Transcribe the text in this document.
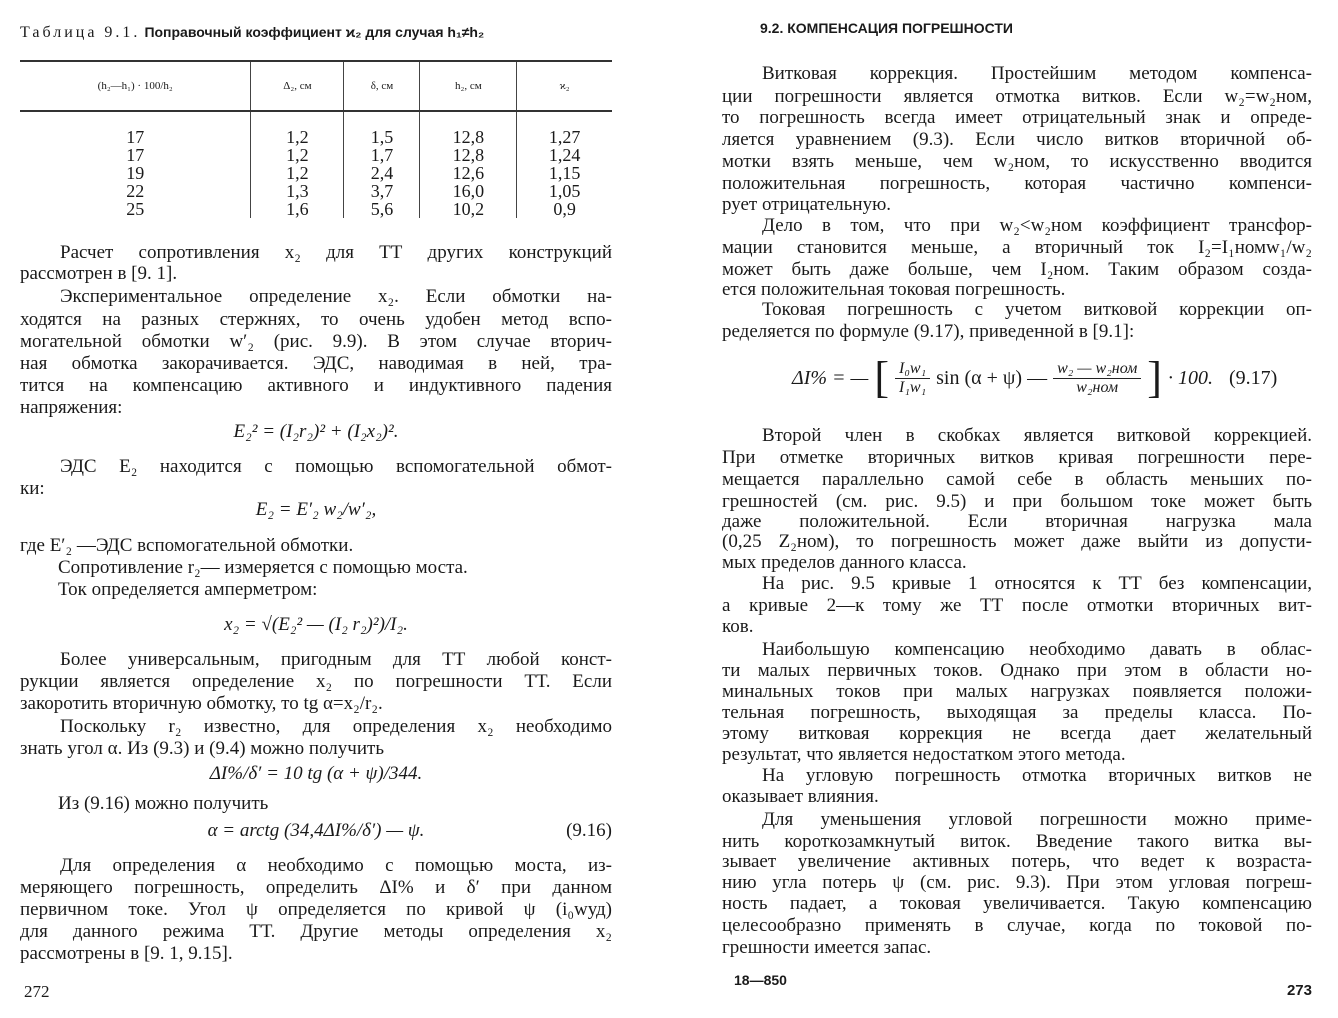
Таблица 9.1. Поправочный коэффициент ϰ₂ для случая h₁≠h₂
(h₂—h₁) · 100/h₂	Δ₂, см	δ, см	h₂, см	ϰ₂
17	1,2	1,5	12,8	1,27
17	1,2	1,7	12,8	1,24
19	1,2	2,4	12,6	1,15
22	1,3	3,7	16,0	1,05
25	1,6	5,6	10,2	0,9
Расчет сопротивления x₂ для ТТ других конструкций
рассмотрен в [9. 1].
Экспериментальное определение x₂. Если обмотки на-
ходятся на разных стержнях, то очень удобен метод вспо-
могательной обмотки w′₂ (рис. 9.9). В этом случае вторич-
ная обмотка закорачивается. ЭДС, наводимая в ней, тра-
тится на компенсацию активного и индуктивного падения
напряжения:
E₂² = (I₂r₂)² + (I₂x₂)².
ЭДС E₂ находится с помощью вспомогательной обмот-
ки:
E₂ = E′₂ w₂/w′₂,
где E′₂ —ЭДС вспомогательной обмотки.
Сопротивление r₂— измеряется с помощью моста.
Ток определяется амперметром:
x₂ = √(E₂² — (I₂ r₂)²)/I₂.
Более универсальным, пригодным для ТТ любой конст-
рукции является определение x₂ по погрешности ТТ. Если
закоротить вторичную обмотку, то tg α=x₂/r₂.
Поскольку r₂ известно, для определения x₂ необходимо
знать угол α. Из (9.3) и (9.4) можно получить
ΔI%/δ′ = 10 tg (α + ψ)/344.
Из (9.16) можно получить
α = arctg (34,4ΔI%/δ′) — ψ.
Для определения α необходимо с помощью моста, из-
меряющего погрешность, определить ΔI% и δ′ при данном
первичном токе. Угол ψ определяется по кривой ψ (i₀wуд)
для данного режима ТТ. Другие методы определения x₂
рассмотрены в [9. 1, 9.15].
(9.16)
272
9.2. КОМПЕНСАЦИЯ ПОГРЕШНОСТИ
Витковая коррекция. Простейшим методом компенса-
ции погрешности является отмотка витков. Если w₂=w₂ном,
то погрешность всегда имеет отрицательный знак и опреде-
ляется уравнением (9.3). Если число витков вторичной об-
мотки взять меньше, чем w₂ном, то искусственно вводится
положительная погрешность, которая частично компенси-
рует отрицательную.
Дело в том, что при w₂<w₂ном коэффициент трансфор-
мации становится меньше, а вторичный ток I₂=I₁номw₁/w₂
может быть даже больше, чем I₂ном. Таким образом созда-
ется положительная токовая погрешность.
Токовая погрешность с учетом витковой коррекции оп-
ределяется по формуле (9.17), приведенной в [9.1]:
Второй член в скобках является витковой коррекцией.
При отметке вторичных витков кривая погрешности пере-
мещается параллельно самой себе в область меньших по-
грешностей (см. рис. 9.5) и при большом токе может быть
даже положительной. Если вторичная нагрузка мала
(0,25 Z₂ном), то погрешность может даже выйти из допусти-
мых пределов данного класса.
На рис. 9.5 кривые 1 относятся к ТТ без компенсации,
а кривые 2—к тому же ТТ после отмотки вторичных вит-
ков.
Наибольшую компенсацию необходимо давать в облас-
ти малых первичных токов. Однако при этом в области но-
минальных токов при малых нагрузках появляется положи-
тельная погрешность, выходящая за пределы класса. По-
этому витковая коррекция не всегда дает желательный
результат, что является недостатком этого метода.
На угловую погрешность отмотка вторичных витков не
оказывает влияния.
Для уменьшения угловой погрешности можно приме-
нить короткозамкнутый виток. Введение такого витка вы-
зывает увеличение активных потерь, что ведет к возраста-
нию угла потерь ψ (см. рис. 9.3). При этом угловая погреш-
ность падает, а токовая увеличивается. Такую компенсацию
целесообразно применять в случае, когда по токовой по-
грешности имеется запас.
ΔI% = — [ $\frac{\text{I₀w₁}}{\text{I₁w₁}}$ sin (α + ψ) — $\frac{\text{w₂ — w₂ном}}{\text{w₂ном}}$ ] · 100. (9.17)
18—850
273
